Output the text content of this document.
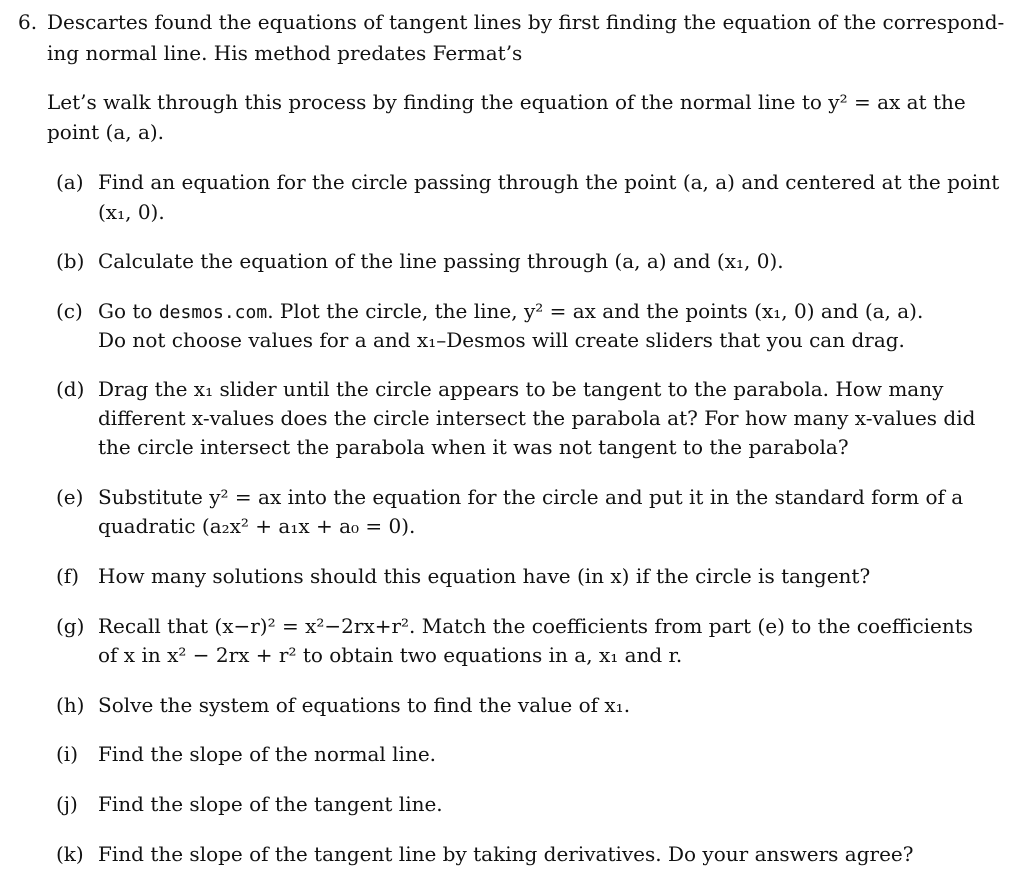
6. Descartes found the equations of tangent lines by first finding the equation of the correspond-
ing normal line. His method predates Fermat’s
Let’s walk through this process by finding the equation of the normal line to y² = ax at the
point (a, a).
(a) Find an equation for the circle passing through the point (a, a) and centered at the point
(x₁, 0).
(b) Calculate the equation of the line passing through (a, a) and (x₁, 0).
(c) Go to desmos.com. Plot the circle, the line, y² = ax and the points (x₁, 0) and (a, a).
Do not choose values for a and x₁–Desmos will create sliders that you can drag.
(d) Drag the x₁ slider until the circle appears to be tangent to the parabola. How many
different x-values does the circle intersect the parabola at? For how many x-values did
the circle intersect the parabola when it was not tangent to the parabola?
(e) Substitute y² = ax into the equation for the circle and put it in the standard form of a
quadratic (a₂x² + a₁x + a₀ = 0).
(f) How many solutions should this equation have (in x) if the circle is tangent?
(g) Recall that (x−r)² = x²−2rx+r². Match the coefficients from part (e) to the coefficients
of x in x² − 2rx + r² to obtain two equations in a, x₁ and r.
(h) Solve the system of equations to find the value of x₁.
(i) Find the slope of the normal line.
(j)	Find the slope of the tangent line.
(k) Find the slope of the tangent line by taking derivatives. Do your answers agree?
